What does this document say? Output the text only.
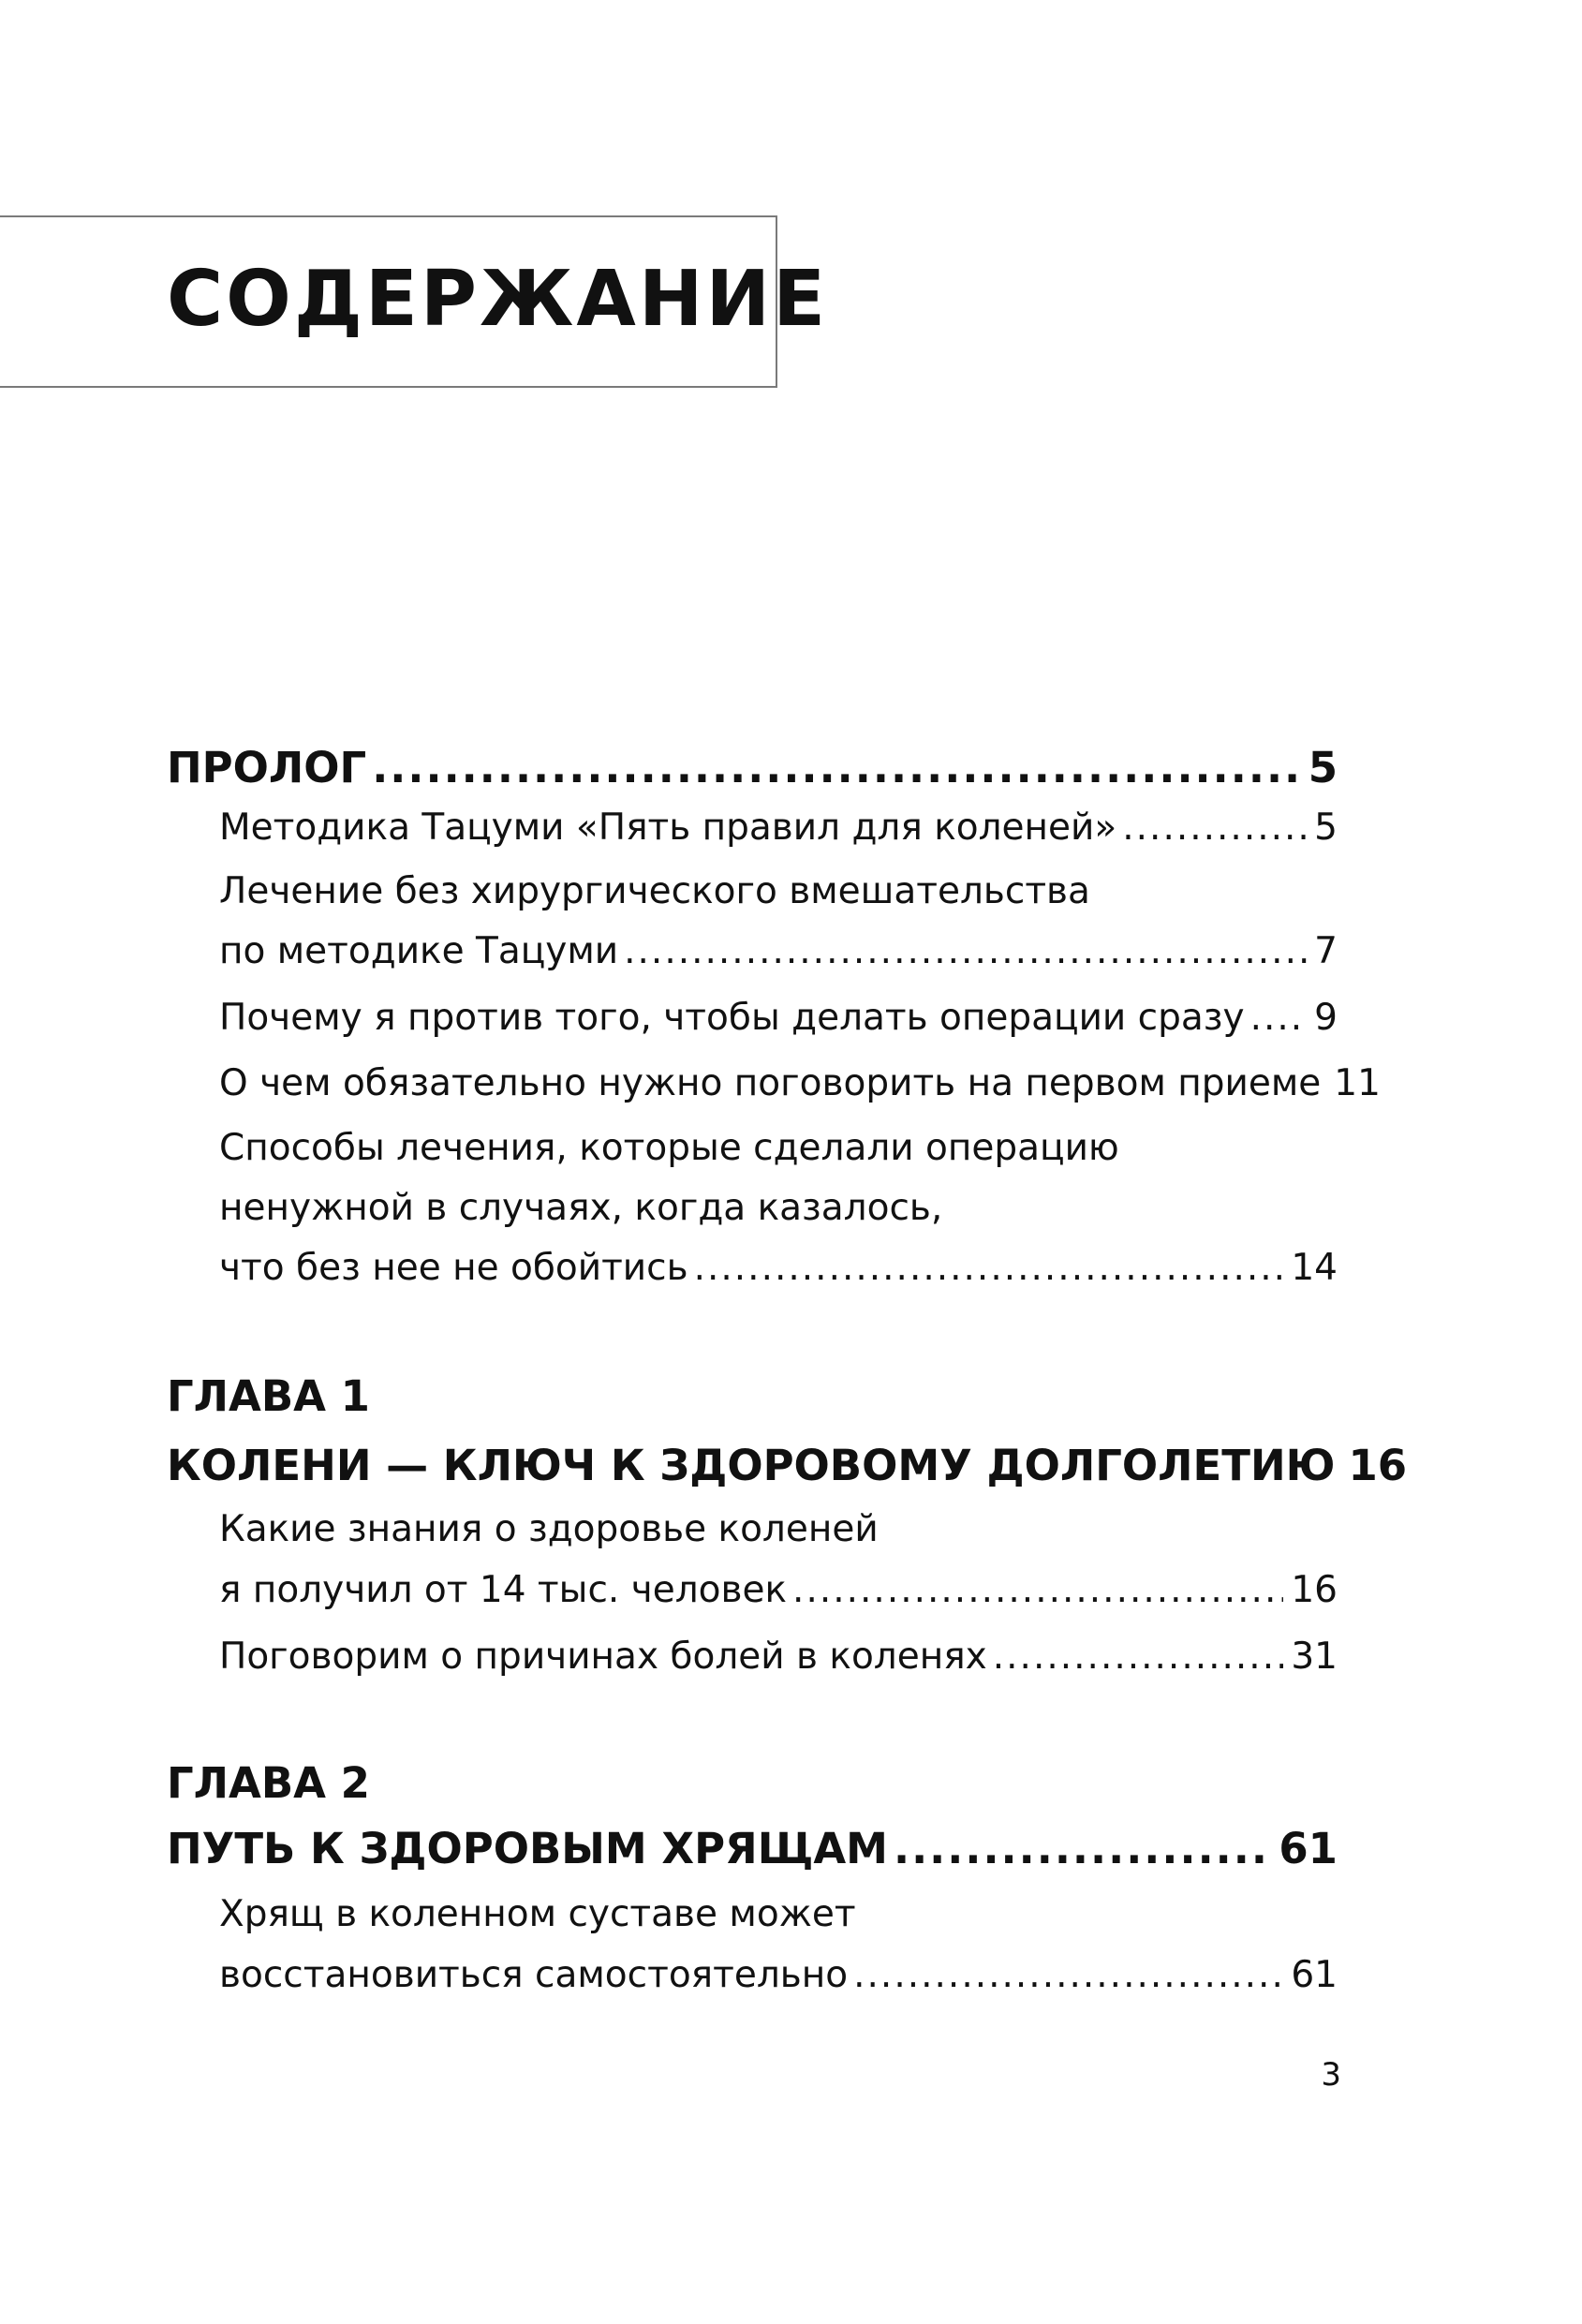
СОДЕРЖАНИЕ
ПРОЛОГ .....	5
Методика Тацуми «Пять правил для коленей» .....	5
Лечение без хирургического вмешательства
по методике Тацуми .....	7
Почему я против того, чтобы делать операции сразу ..... 9
О чем обязательно нужно поговорить на первом приеме 11
Способы лечения, которые сделали операцию
ненужной в случаях, когда казалось,
что без нее не обойтись .....	14
ГЛАВА 1
КОЛЕНИ — КЛЮЧ К ЗДОРОВОМУ ДОЛГОЛЕТИЮ 16
Какие знания о здоровье коленей
я получил от 14 тыс. человек .....	16
Поговорим о причинах болей в коленях .....	31
ГЛАВА 2
ПУТЬ К ЗДОРОВЫМ ХРЯЩАМ .....	61
Хрящ в коленном суставе может
восстановиться самостоятельно .....	61
3
